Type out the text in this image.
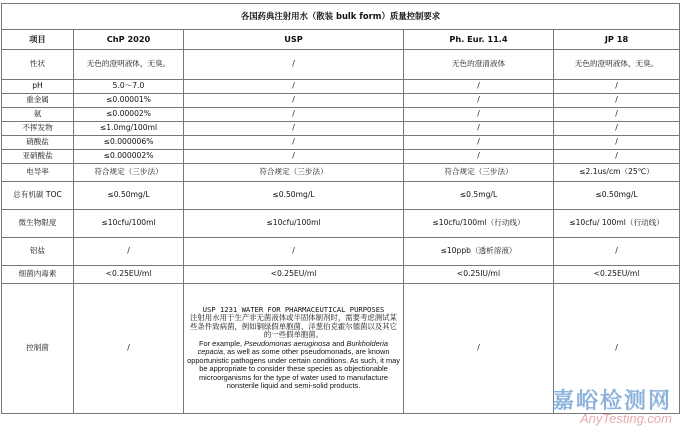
各国药典注射用水（散装 bulk form）质量控制要求				
项目	ChP 2020	USP	Ph. Eur. 11.4	JP 18
性状	无色的澄明液体，无臭。	/	无色的澄清液体	无色的澄明液体，无臭。
pH	5.0～7.0	/	/	/
重金属	≤0.00001%	/	/	/
氨	≤0.00002%	/	/	/
不挥发物	≤1.0mg/100ml	/	/	/
硝酸盐	≤0.000006%	/	/	/
亚硝酸盐	≤0.000002%	/	/	/
电导率	符合规定（三步法）	符合规定（三步法）	符合规定（三步法）	≤2.1us/cm（25℃）
总有机碳 TOC	≤0.50mg/L	≤0.50mg/L	≤0.5mg/L	≤0.50mg/L
微生物限度	≤10cfu/100ml	≤10cfu/100ml	≤10cfu/100ml（行动线）	≤10cfu/ 100ml（行动线）
铝盐	/	/	≤10ppb（透析溶液）	/
细菌内毒素	<0.25EU/ml	<0.25EU/ml	<0.25IU/ml	<0.25EU/ml
控制菌	/	USP 1231 WATER FOR PHARMACEUTICAL PURPOSES
注射用水用于生产非无菌液体或半固体制剂时，需要考虑测试某些条件致病菌，例如铜绿假单胞菌、洋葱伯克霍尔德菌以及其它的一些假单胞菌。
For example, Pseudomonas aeruginosa and Burkholderia cepacia, as well as some other pseudomonads, are known opportunistic pathogens under certain conditions. As such, it may be appropriate to consider these species as objectionable microorganisms for the type of water used to manufacture nonsterile liquid and semi-solid products.	/	/
嘉峪检测网
AnyTesting.com
